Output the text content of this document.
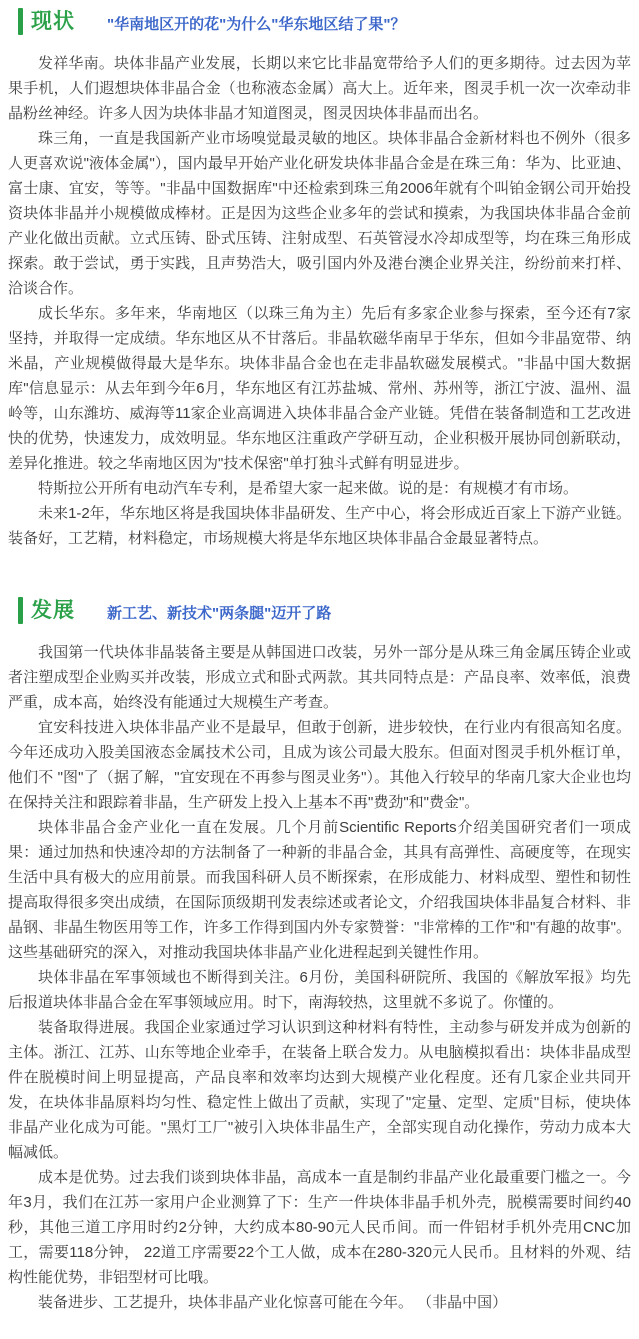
现状 "华南地区开的花"为什么"华东地区结了果"？

发祥华南。块体非晶产业发展，长期以来它比非晶宽带给予人们的更多期待。过去因为苹果手机，人们遐想块体非晶合金（也称液态金属）高大上。近年来，图灵手机一次一次牵动非晶粉丝神经。许多人因为块体非晶才知道图灵，图灵因块体非晶而出名。

珠三角，一直是我国新产业市场嗅觉最灵敏的地区。块体非晶合金新材料也不例外（很多人更喜欢说"液体金属"），国内最早开始产业化研发块体非晶合金是在珠三角：华为、比亚迪、富士康、宜安，等等。"非晶中国数据库"中还检索到珠三角2006年就有个叫铂金钢公司开始投资块体非晶并小规模做成棒材。正是因为这些企业多年的尝试和摸索，为我国块体非晶合金前产业化做出贡献。立式压铸、卧式压铸、注射成型、石英管浸水冷却成型等，均在珠三角形成探索。敢于尝试，勇于实践，且声势浩大，吸引国内外及港台澳企业界关注，纷纷前来打样、洽谈合作。

成长华东。多年来，华南地区（以珠三角为主）先后有多家企业参与探索，至今还有7家坚持，并取得一定成绩。华东地区从不甘落后。非晶软磁华南早于华东，但如今非晶宽带、纳米晶，产业规模做得最大是华东。块体非晶合金也在走非晶软磁发展模式。"非晶中国大数据库"信息显示：从去年到今年6月，华东地区有江苏盐城、常州、苏州等，浙江宁波、温州、温岭等，山东潍坊、威海等11家企业高调进入块体非晶合金产业链。凭借在装备制造和工艺改进快的优势，快速发力，成效明显。华东地区注重政产学研互动，企业积极开展协同创新联动，差异化推进。较之华南地区因为"技术保密"单打独斗式鲜有明显进步。

特斯拉公开所有电动汽车专利，是希望大家一起来做。说的是：有规模才有市场。

未来1-2年，华东地区将是我国块体非晶研发、生产中心，将会形成近百家上下游产业链。装备好，工艺精，材料稳定，市场规模大将是华东地区块体非晶合金最显著特点。

发展 新工艺、新技术"两条腿"迈开了路

我国第一代块体非晶装备主要是从韩国进口改装，另外一部分是从珠三角金属压铸企业或者注塑成型企业购买并改装，形成立式和卧式两款。其共同特点是：产品良率、效率低，浪费严重，成本高，始终没有能通过大规模生产考查。

宜安科技进入块体非晶产业不是最早，但敢于创新，进步较快，在行业内有很高知名度。今年还成功入股美国液态金属技术公司，且成为该公司最大股东。但面对图灵手机外框订单，他们不 "图"了（据了解，"宜安现在不再参与图灵业务"）。其他入行较早的华南几家大企业也均在保持关注和跟踪着非晶，生产研发上投入上基本不再"费劲"和"费金"。

块体非晶合金产业化一直在发展。几个月前Scientific Reports介绍美国研究者们一项成果：通过加热和快速冷却的方法制备了一种新的非晶合金，其具有高弹性、高硬度等，在现实生活中具有极大的应用前景。而我国科研人员不断探索，在形成能力、材料成型、塑性和韧性提高取得很多突出成绩，在国际顶级期刊发表综述或者论文，介绍我国块体非晶复合材料、非晶钢、非晶生物医用等工作，许多工作得到国内外专家赞誉："非常棒的工作"和"有趣的故事"。这些基础研究的深入，对推动我国块体非晶产业化进程起到关键性作用。

块体非晶在军事领域也不断得到关注。6月份，美国科研院所、我国的《解放军报》均先后报道块体非晶合金在军事领域应用。时下，南海较热，这里就不多说了。你懂的。

装备取得进展。我国企业家通过学习认识到这种材料有特性，主动参与研发并成为创新的主体。浙江、江苏、山东等地企业牵手，在装备上联合发力。从电脑模拟看出：块体非晶成型件在脱模时间上明显提高，产品良率和效率均达到大规模产业化程度。还有几家企业共同开发，在块体非晶原料均匀性、稳定性上做出了贡献，实现了"定量、定型、定质"目标，使块体非晶产业化成为可能。"黑灯工厂"被引入块体非晶生产，全部实现自动化操作，劳动力成本大幅减低。

成本是优势。过去我们谈到块体非晶，高成本一直是制约非晶产业化最重要门槛之一。今年3月，我们在江苏一家用户企业测算了下：生产一件块体非晶手机外壳，脱模需要时间约40秒，其他三道工序用时约2分钟，大约成本80-90元人民币间。而一件铝材手机外壳用CNC加工，需要118分钟， 22道工序需要22个工人做，成本在280-320元人民币。且材料的外观、结构性能优势，非铝型材可比哦。

装备进步、工艺提升，块体非晶产业化惊喜可能在今年。 （非晶中国）
